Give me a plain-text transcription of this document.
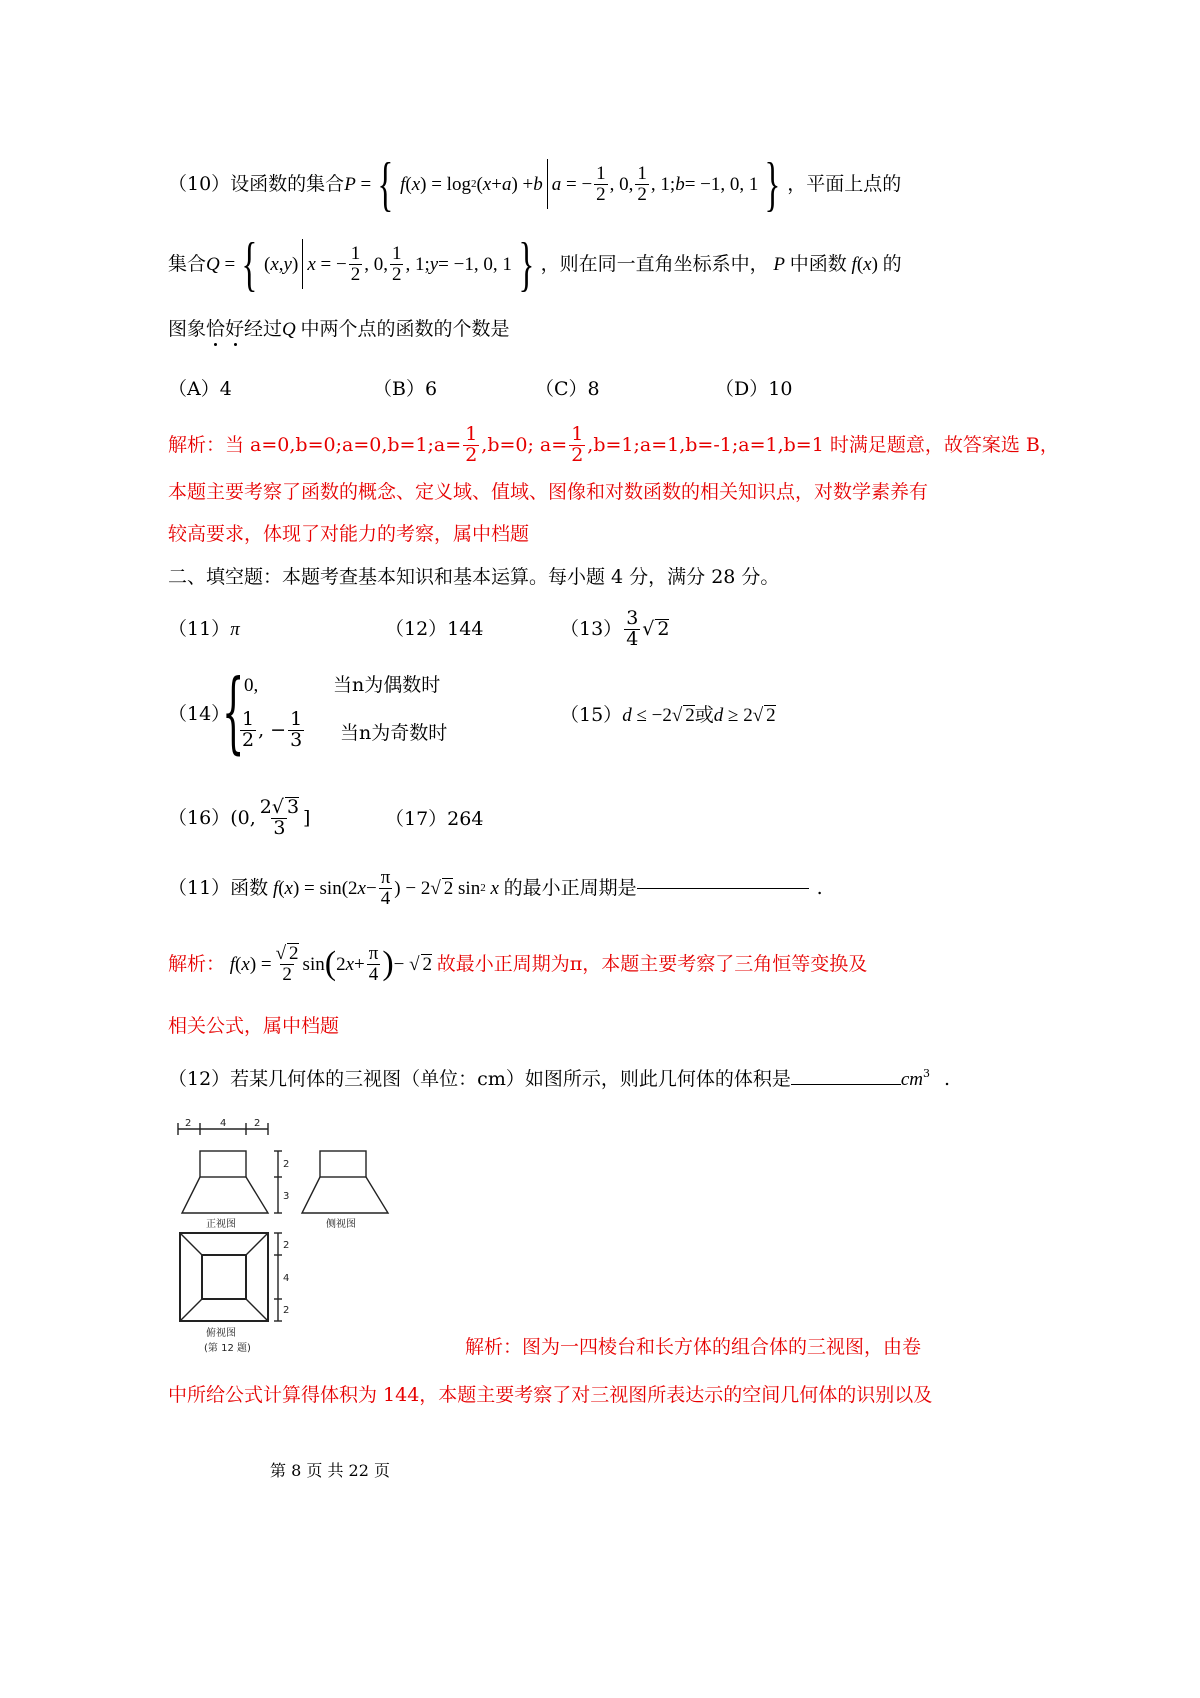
（10）设函数的集合 P = { f ( x ) = log 2 ( x + a ) + b
a = − $\frac{1}{2}$ , 0, $\frac{1}{2}$ , 1; b = −1, 0, 1 } ，平面上点的
集合 Q = { ( x , y ) x = − $\frac{1}{2}$ , 0, $\frac{1}{2}$ , 1; y = −1, 0, 1 } ，则在同一直角坐标系中， P 中函数 f(x) 的
图象恰好经过Q 中两个点的函数的个数是
（A）4	（B）6	（C）8	（D）10
解析：当 a=0,b=0;a=0,b=1;a= $\frac{1}{2} ,b=0$; $a= \frac{1}{2}$ ,b=1;a=1,b=-1;a=1,b=1 时满足题意，故答案选 B，
本题主要考察了函数的概念、定义域、值域、图像和对数函数的相关知识点，对数学素养有
较高要求，体现了对能力的考察，属中档题
二、填空题：本题考查基本知识和基本运算。每小题 4 分，满分 28 分。
（11）π	（12）144	$(13) \frac{3}{4}$ √ 2
（14）
{ 0,	当n为偶数时
$\frac{1}{2}$ , − $\frac{1}{3}$ 当n为奇数时
（15）d ≤ −2√ 2或d ≥ 2√ 2
（16） (0, $\frac{2√ 3}{3}$ ]	（17）264
（11）函数 f ( x ) = sin(2 $x - \frac{\pi}{4}$ ) − 2√ 2 sin 2 x 的最小正周期是	.
解析： f ( x ) = $\frac{√ 2}{2}$ sin ( 2 $x + \frac{\pi}{4}$ ) − √ 2 故最小正周期为π，本题主要考察了三角恒等变换及
相关公式，属中档题
（12）若某几何体的三视图（单位：cm）如图所示，则此几何体的体积是	$cm^3$ .
2	4	2
2
3
2
4
2
正视图	侧视图
俯视图
(第 12 题)	解析：图为一四棱台和长方体的组合体的三视图，由卷
中所给公式计算得体积为 144，本题主要考察了对三视图所表达示的空间几何体的识别以及
第 8 页 共 22 页
